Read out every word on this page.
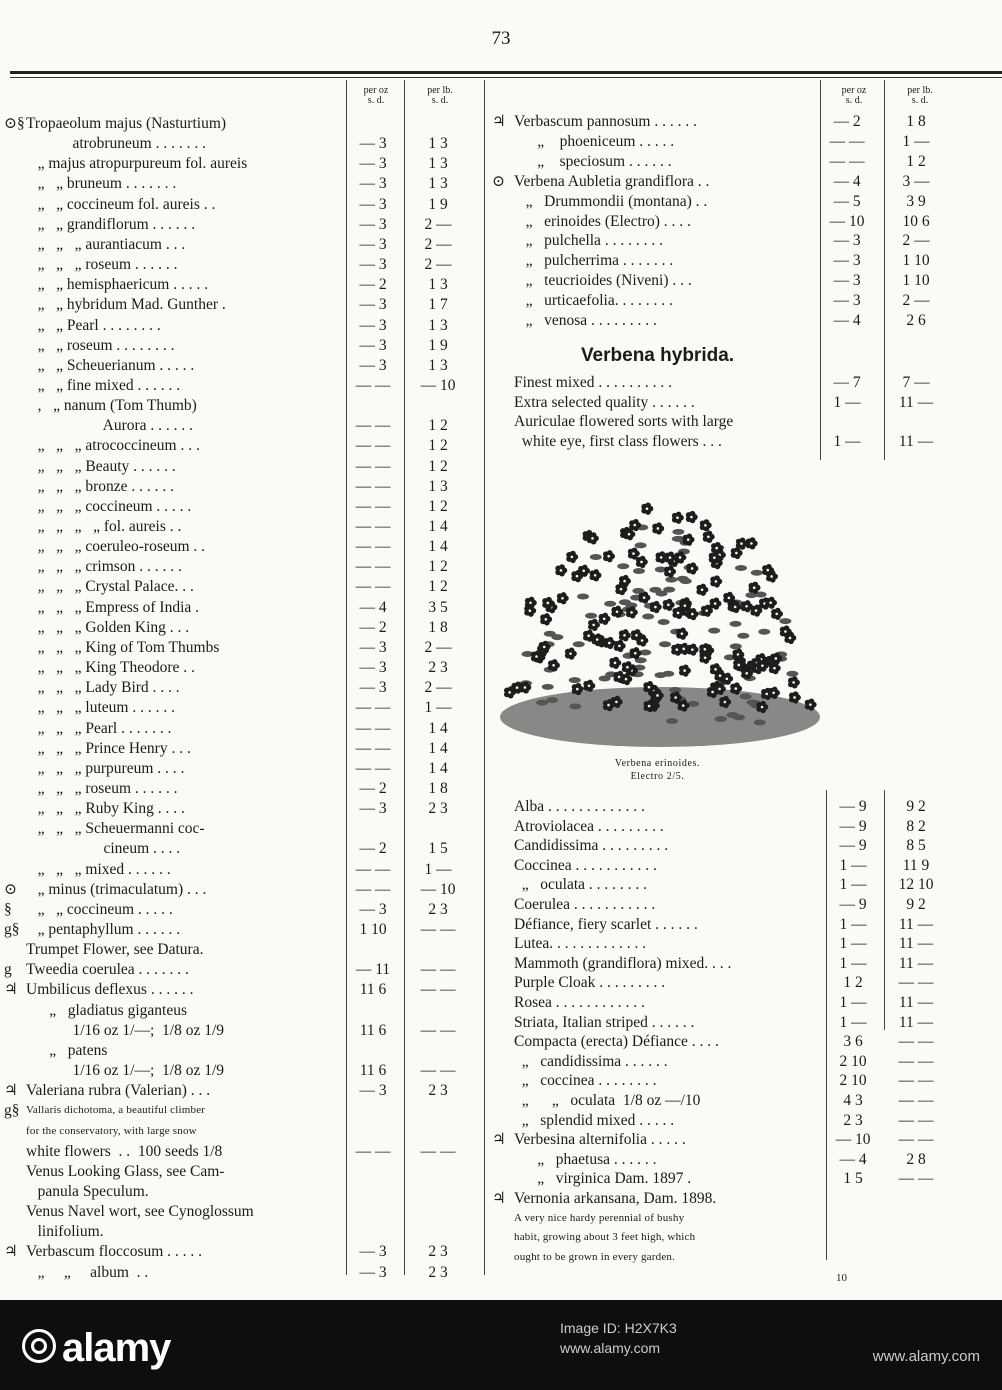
73
per oz
s. d.
per lb.
s. d.
per oz
s. d.
per lb.
s. d.
⊙§ Tropaeolum majus (Nasturtium)
atrobruneum . . . . . . .	— 3	1 3
„ majus atropurpureum fol. aureis	— 3	1 3
„   „ bruneum . . . . . . .	— 3	1 3
„   „ coccineum fol. aureis . .	— 3	1 9
„   „ grandiflorum . . . . . .	— 3	2 —
„   „   „ aurantiacum . . .	— 3	2 —
„   „   „ roseum . . . . . .	— 3	2 —
„   „ hemisphaericum . . . . .	— 2	1 3
„   „ hybridum Mad. Gunther .	— 3	1 7
„   „ Pearl . . . . . . . .	— 3	1 3
„   „ roseum . . . . . . . .	— 3	1 9
„   „ Scheuerianum . . . . .	— 3	1 3
„   „ fine mixed . . . . . .	— —	— 10
,   „ nanum (Tom Thumb)
Aurora . . . . . .	— —	1 2
„   „   „ atrococcineum . . .	— —	1 2
„   „   „ Beauty . . . . . .	— —	1 2
„   „   „ bronze . . . . . .	— —	1 3
„   „   „ coccineum . . . . .	— —	1 2
„   „   „   „ fol. aureis . .	— —	1 4
„   „   „ coeruleo-roseum . .	— —	1 4
„   „   „ crimson . . . . . .	— —	1 2
„   „   „ Crystal Palace. . .	— —	1 2
„   „   „ Empress of India .	— 4	3 5
„   „   „ Golden King . . .	— 2	1 8
„   „   „ King of Tom Thumbs	— 3	2 —
„   „   „ King Theodore . .	— 3	2 3
„   „   „ Lady Bird . . . .	— 3	2 —
„   „   „ luteum . . . . . .	— —	1 —
„   „   „ Pearl . . . . . . .	— —	1 4
„   „   „ Prince Henry . . .	— —	1 4
„   „   „ purpureum . . . .	— —	1 4
„   „   „ roseum . . . . . .	— 2	1 8
„   „   „ Ruby King . . . .	— 3	2 3
„   „   „ Scheuermanni coc-
cineum . . . .	— 2	1 5
„   „   „ mixed . . . . . .	— —	1 —
⊙ „ minus (trimaculatum) . . .	— —	— 10
§ „   „ coccineum . . . . .	— 3	2 3
g§ „ pentaphyllum . . . . . .	1 10	— —
Trumpet Flower, see Datura.
g Tweedia coerulea . . . . . . .	— 11	— —
♃ Umbilicus deflexus . . . . . .	11 6	— —
„   gladiatus giganteus
1/16 oz 1/—;  1/8 oz 1/9	11 6	— —
„   patens
1/16 oz 1/—;  1/8 oz 1/9	11 6	— —
♃ Valeriana rubra (Valerian) . . .	— 3	2 3
g§ Vallaris dichotoma, a beautiful climber
for the conservatory, with large snow
white flowers  . .  100 seeds 1/8	— —	— —
Venus Looking Glass, see Cam-
panula Speculum.
Venus Navel wort, see Cynoglossum
linifolium.
♃ Verbascum floccosum . . . . .	— 3	2 3
„     „     album  . .	— 3	2 3
♃ Verbascum pannosum . . . . . .	— 2	1 8
„    phoeniceum . . . . .	— —	1 —
„    speciosum . . . . . .	— —	1 2
⊙ Verbena Aubletia grandiflora . .	— 4	3 —
„   Drummondii (montana) . .	— 5	3 9
„   erinoides (Electro) . . . .	— 10	10 6
„   pulchella . . . . . . . .	— 3	2 —
„   pulcherrima . . . . . . .	— 3	1 10
„   teucrioides (Niveni) . . .	— 3	1 10
„   urticaefolia. . . . . . . .	— 3	2 —
„   venosa . . . . . . . . .	— 4	2 6
Verbena hybrida.
Finest mixed . . . . . . . . . .	— 7	7 —
Extra selected quality . . . . . .	1 —	11 —
Auriculae flowered sorts with large
white eye, first class flowers . . .	1 —	11 —
Verbena erinoides.
Electro 2/5.
Alba . . . . . . . . . . . . .	— 9	9 2
Atroviolacea . . . . . . . . .	— 9	8 2
Candidissima . . . . . . . . .	— 9	8 5
Coccinea . . . . . . . . . . .	1 —	11 9
„   oculata . . . . . . . .	1 —	12 10
Coerulea . . . . . . . . . . .	— 9	9 2
Défiance, fiery scarlet . . . . . .	1 —	11 —
Lutea. . . . . . . . . . . . .	1 —	11 —
Mammoth (grandiflora) mixed. . . .	1 —	11 —
Purple Cloak . . . . . . . . .	1 2	— —
Rosea . . . . . . . . . . . .	1 —	11 —
Striata, Italian striped . . . . . .	1 —	11 —
Compacta (erecta) Défiance . . . .	3 6	— —
„   candidissima . . . . . .	2 10	— —
„   coccinea . . . . . . . .	2 10	— —
„      „   oculata  1/8 oz —/10	4 3	— —
„   splendid mixed . . . . .	2 3	— —
♃ Verbesina alternifolia . . . . .	— 10	— —
„   phaetusa . . . . . .	— 4	2 8
„   virginica Dam. 1897 .	1 5	— —
♃ Vernonia arkansana, Dam. 1898.
A very nice hardy perennial of bushy
habit, growing about 3 feet high, which
ought to be grown in every garden.
10
alamy	Image ID: H2X7K3
www.alamy.com	www.alamy.com
